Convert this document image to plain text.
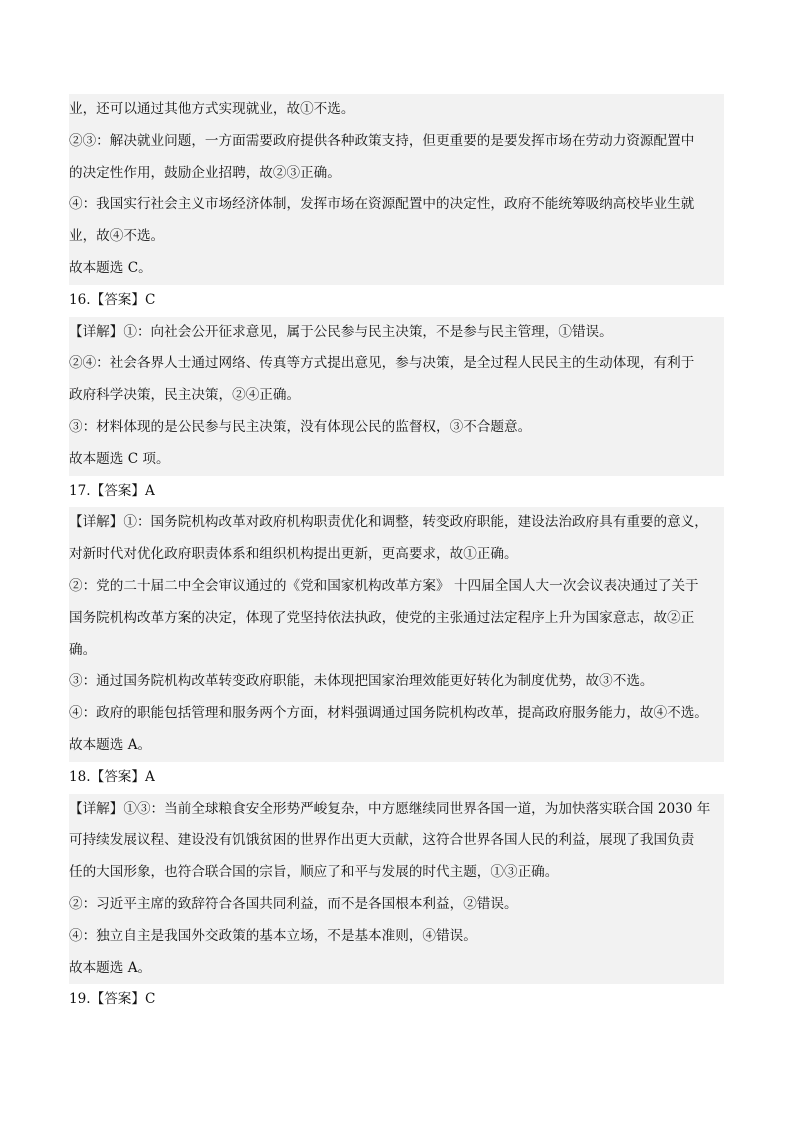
业，还可以通过其他方式实现就业，故①不选。
②③：解决就业问题，一方面需要政府提供各种政策支持，但更重要的是要发挥市场在劳动力资源配置中
的决定性作用，鼓励企业招聘，故②③正确。
④：我国实行社会主义市场经济体制，发挥市场在资源配置中的决定性，政府不能统筹吸纳高校毕业生就
业，故④不选。
故本题选 C。
16.【答案】C
【详解】①：向社会公开征求意见，属于公民参与民主决策，不是参与民主管理，①错误。
②④：社会各界人士通过网络、传真等方式提出意见，参与决策，是全过程人民民主的生动体现，有利于
政府科学决策，民主决策，②④正确。
③：材料体现的是公民参与民主决策，没有体现公民的监督权，③不合题意。
故本题选 C 项。
17.【答案】A
【详解】①：国务院机构改革对政府机构职责优化和调整，转变政府职能，建设法治政府具有重要的意义，
对新时代对优化政府职责体系和组织机构提出更新，更高要求，故①正确。
②：党的二十届二中全会审议通过的《党和国家机构改革方案》 十四届全国人大一次会议表决通过了关于
国务院机构改革方案的决定，体现了党坚持依法执政，使党的主张通过法定程序上升为国家意志，故②正
确。
③：通过国务院机构改革转变政府职能，未体现把国家治理效能更好转化为制度优势，故③不选。
④：政府的职能包括管理和服务两个方面，材料强调通过国务院机构改革，提高政府服务能力，故④不选。
故本题选 A。
18.【答案】A
【详解】①③：当前全球粮食安全形势严峻复杂，中方愿继续同世界各国一道，为加快落实联合国 2030 年
可持续发展议程、建设没有饥饿贫困的世界作出更大贡献，这符合世界各国人民的利益，展现了我国负责
任的大国形象，也符合联合国的宗旨，顺应了和平与发展的时代主题，①③正确。
②：习近平主席的致辞符合各国共同利益，而不是各国根本利益，②错误。
④：独立自主是我国外交政策的基本立场，不是基本准则，④错误。
故本题选 A。
19.【答案】C
